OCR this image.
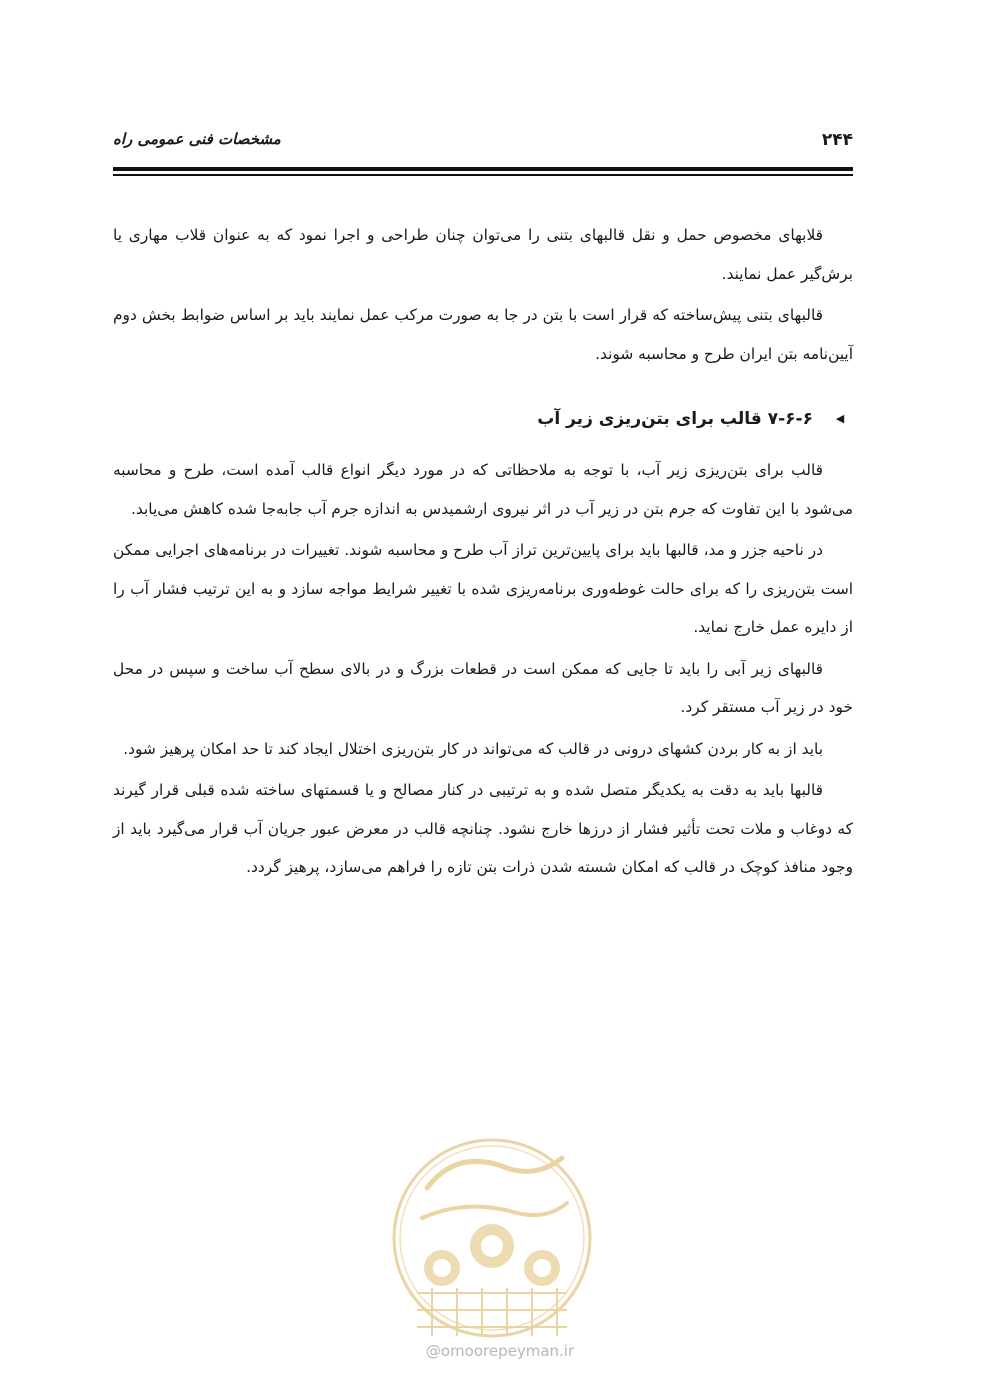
۲۴۴
مشخصات فنی عمومی راه

قلابهای مخصوص حمل و نقل قالبهای بتنی را می‌توان چنان طراحی و اجرا نمود که به عنوان قلاب مهاری یا برش‌گیر عمل نمایند.

قالبهای بتنی پیش‌ساخته که قرار است با بتن در جا به صورت مرکب عمل نمایند باید بر اساس ضوابط بخش دوم آیین‌نامه بتن ایران طرح و محاسبه شوند.

◀
۷-۶-۶ قالب برای بتن‌ریزی زیر آب

قالب برای بتن‌ریزی زیر آب، با توجه به ملاحظاتی که در مورد دیگر انواع قالب آمده است، طرح و محاسبه می‌شود با این تفاوت که جرم بتن در زیر آب در اثر نیروی ارشمیدس به اندازه جرم آب جابه‌جا شده کاهش می‌یابد.

در ناحیه جزر و مد، قالبها باید برای پایین‌ترین تراز آب طرح و محاسبه شوند. تغییرات در برنامه‌های اجرایی ممکن است بتن‌ریزی را که برای حالت غوطه‌وری برنامه‌ریزی شده با تغییر شرایط مواجه سازد و به این ترتیب فشار آب را از دایره عمل خارج نماید.

قالبهای زیر آبی را باید تا جایی که ممکن است در قطعات بزرگ و در بالای سطح آب ساخت و سپس در محل خود در زیر آب مستقر کرد.

باید از به کار بردن کشهای درونی در قالب که می‌تواند در کار بتن‌ریزی اختلال ایجاد کند تا حد امکان پرهیز شود.

قالبها باید به دقت به یکدیگر متصل شده و به ترتیبی در کنار مصالح و یا قسمتهای ساخته شده قبلی قرار گیرند که دوغاب و ملات تحت تأثیر فشار از درزها خارج نشود. چنانچه قالب در معرض عبور جریان آب قرار می‌گیرد باید از وجود منافذ کوچک در قالب که امکان شسته شدن ذرات بتن تازه را فراهم می‌سازد، پرهیز گردد.

@omoorepeyman.ir
